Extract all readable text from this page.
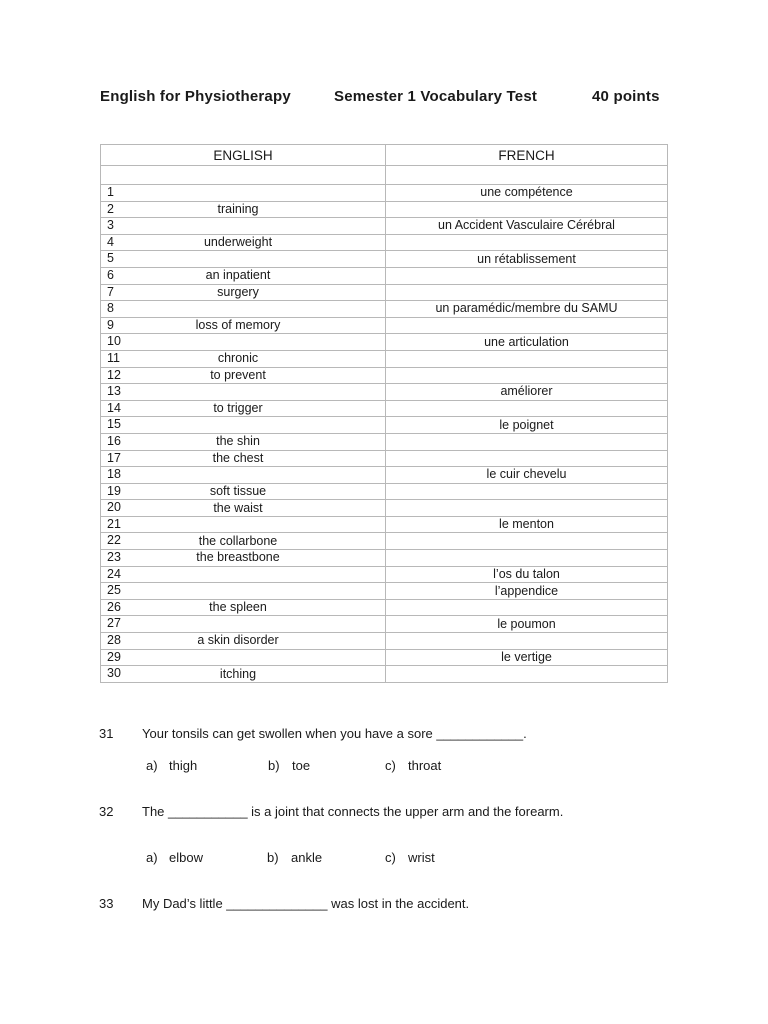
English for Physiotherapy	Semester 1 Vocabulary Test	40 points
ENGLISH	FRENCH

1	une compétence

2 training	

3	un Accident Vasculaire Cérébral

4 underweight	

5	un rétablissement

6 an inpatient	

7 surgery	

8	un paramédic/membre du SAMU

9 loss of memory	

10	une articulation

11 chronic	

12 to prevent	

13	améliorer

14 to trigger	

15	le poignet

16 the shin	

17 the chest	

18	le cuir chevelu

19 soft tissue	

20 the waist	

21	le menton

22 the collarbone	

23 the breastbone	

24	l’os du talon

25	l’appendice

26 the spleen	

27	le poumon

28 a skin disorder	

29	le vertige

30 itching	

31 Your tonsils can get swollen when you have a sore ____________.
a) thigh	b) toe	c) throat
32 The ___________ is a joint that connects the upper arm and the forearm.
a) elbow	b) ankle	c) wrist
33 My Dad’s little ______________ was lost in the accident.
